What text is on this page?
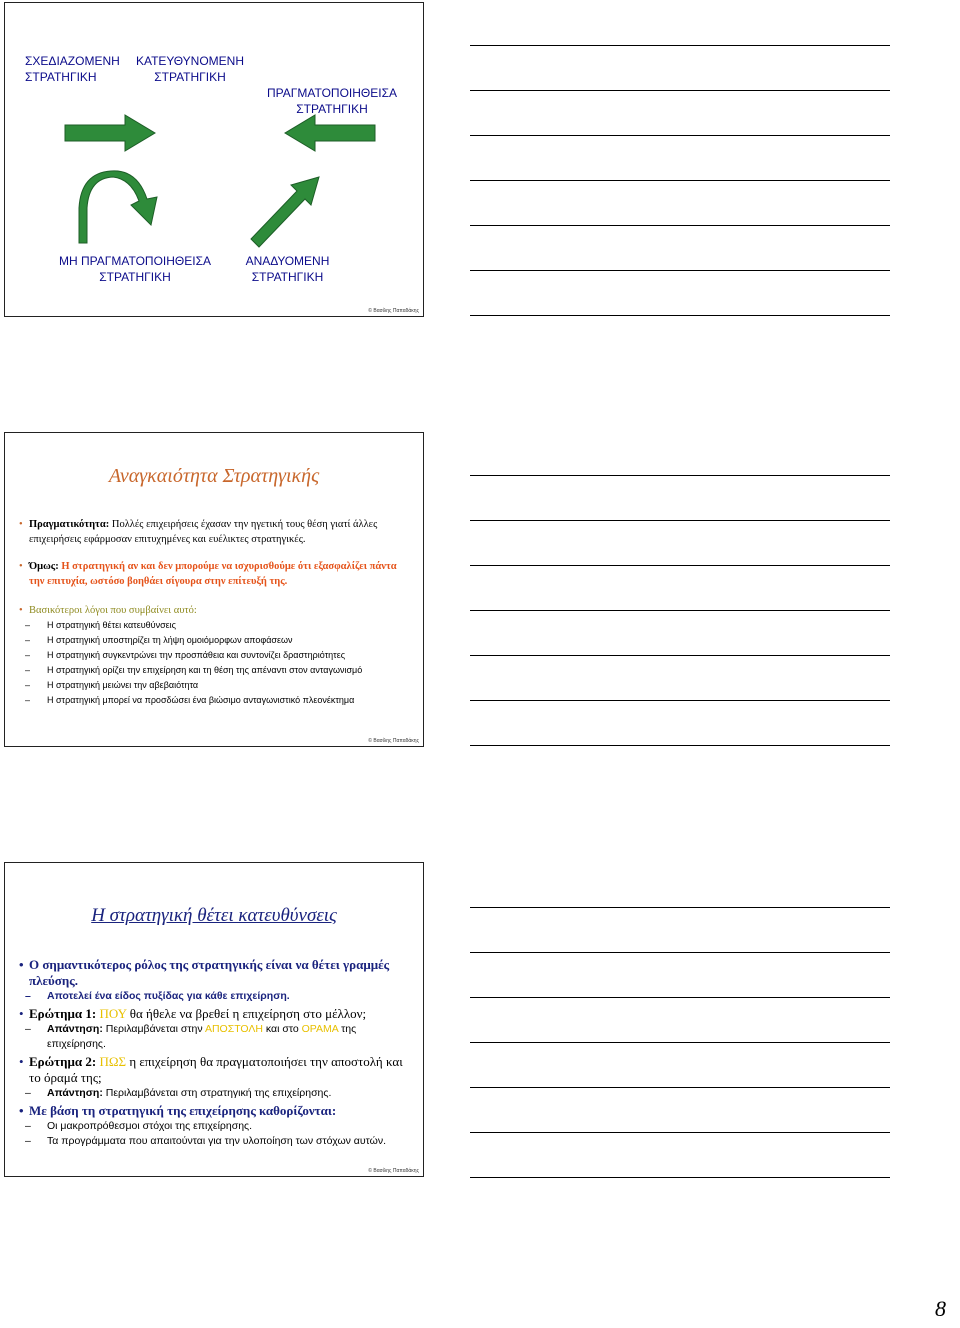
ΣΧΕΔΙΑΖΟΜΕΝΗ
ΣΤΡΑΤΗΓΙΚΗ
ΚΑΤΕΥΘΥΝΟΜΕΝΗ
ΣΤΡΑΤΗΓΙΚΗ
ΠΡΑΓΜΑΤΟΠΟΙΗΘΕΙΣΑ
ΣΤΡΑΤΗΓΙΚΗ
ΜΗ ΠΡΑΓΜΑΤΟΠΟΙΗΘΕΙΣΑ
ΣΤΡΑΤΗΓΙΚΗ
ΑΝΑΔΥΟΜΕΝΗ
ΣΤΡΑΤΗΓΙΚΗ
© Βασίλης Παπαδάκης
Αναγκαιότητα Στρατηγικής
• Πραγματικότητα: Πολλές επιχειρήσεις έχασαν την ηγετική τους θέση γιατί άλλες επιχειρήσεις εφάρμοσαν επιτυχημένες και ευέλικτες στρατηγικές.
• Όμως: Η στρατηγική αν και δεν μπορούμε να ισχυρισθούμε ότι εξασφαλίζει πάντα την επιτυχία, ωστόσο βοηθάει σίγουρα στην επίτευξή της.
• Βασικότεροι λόγοι που συμβαίνει αυτό:
– Η στρατηγική θέτει κατευθύνσεις
– Η στρατηγική υποστηρίζει τη λήψη ομοιόμορφων αποφάσεων
– Η στρατηγική συγκεντρώνει την προσπάθεια και συντονίζει δραστηριότητες
– Η στρατηγική ορίζει την επιχείρηση και τη θέση της απέναντι στον ανταγωνισμό
– Η στρατηγική μειώνει την αβεβαιότητα
– Η στρατηγική μπορεί να προσδώσει ένα βιώσιμο ανταγωνιστικό πλεονέκτημα
© Βασίλης Παπαδάκης
Η στρατηγική θέτει κατευθύνσεις
• Ο σημαντικότερος ρόλος της στρατηγικής είναι να θέτει γραμμές πλεύσης.
– Αποτελεί ένα είδος πυξίδας για κάθε επιχείρηση.
• Ερώτημα 1: ΠΟΥ θα ήθελε να βρεθεί η επιχείρηση στο μέλλον;
– Απάντηση: Περιλαμβάνεται στην ΑΠΟΣΤΟΛΗ και στο ΟΡΑΜΑ της επιχείρησης.
• Ερώτημα 2: ΠΩΣ η επιχείρηση θα πραγματοποιήσει την αποστολή και το όραμά της;
– Απάντηση: Περιλαμβάνεται στη στρατηγική της επιχείρησης.
• Με βάση τη στρατηγική της επιχείρησης καθορίζονται:
– Οι μακροπρόθεσμοι στόχοι της επιχείρησης.
– Τα προγράμματα που απαιτούνται για την υλοποίηση των στόχων αυτών.
© Βασίλης Παπαδάκης
8
